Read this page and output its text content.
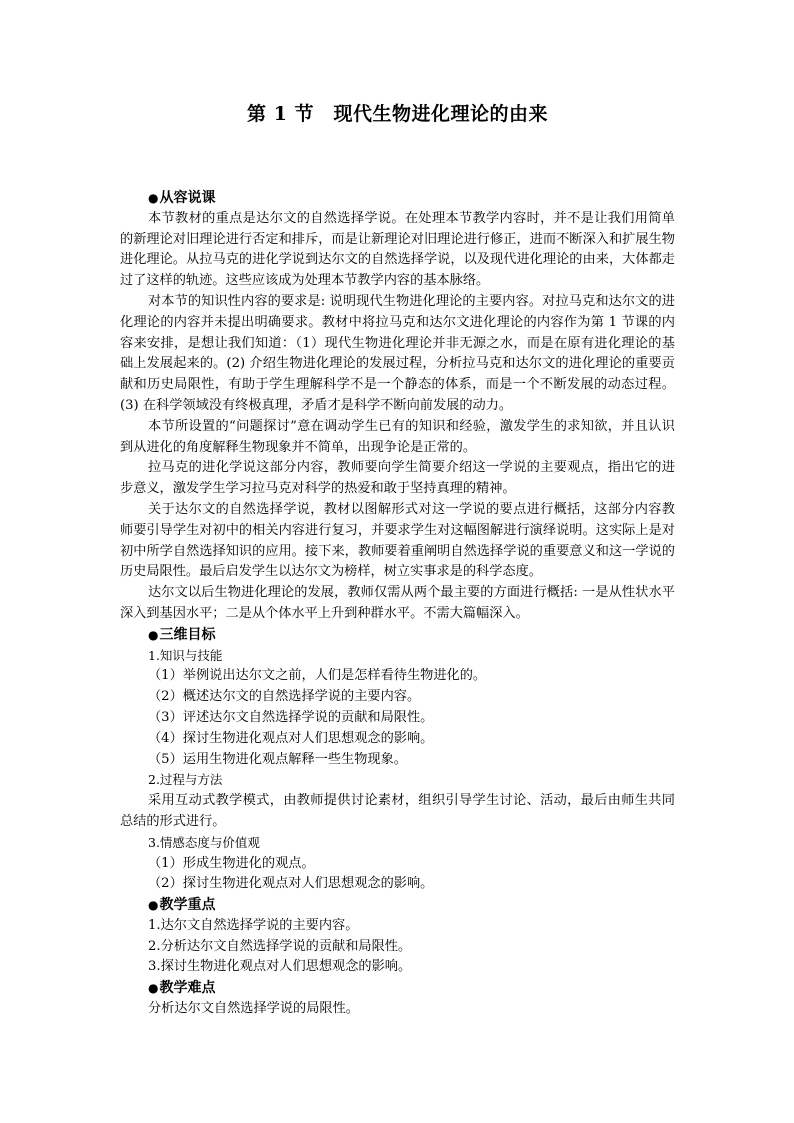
第 1 节　现代生物进化理论的由来

●从容说课

本节教材的重点是达尔文的自然选择学说。在处理本节教学内容时，并不是让我们用简单的新理论对旧理论进行否定和排斥，而是让新理论对旧理论进行修正，进而不断深入和扩展生物进化理论。从拉马克的进化学说到达尔文的自然选择学说，以及现代进化理论的由来，大体都走过了这样的轨迹。这些应该成为处理本节教学内容的基本脉络。

对本节的知识性内容的要求是: 说明现代生物进化理论的主要内容。对拉马克和达尔文的进化理论的内容并未提出明确要求。教材中将拉马克和达尔文进化理论的内容作为第 1 节课的内容来安排，是想让我们知道：（1）现代生物进化理论并非无源之水，而是在原有进化理论的基础上发展起来的。(2) 介绍生物进化理论的发展过程，分析拉马克和达尔文的进化理论的重要贡献和历史局限性，有助于学生理解科学不是一个静态的体系，而是一个不断发展的动态过程。(3) 在科学领域没有终极真理，矛盾才是科学不断向前发展的动力。

本节所设置的“问题探讨”意在调动学生已有的知识和经验，激发学生的求知欲，并且认识到从进化的角度解释生物现象并不简单，出现争论是正常的。

拉马克的进化学说这部分内容，教师要向学生简要介绍这一学说的主要观点，指出它的进步意义，激发学生学习拉马克对科学的热爱和敢于坚持真理的精神。

关于达尔文的自然选择学说，教材以图解形式对这一学说的要点进行概括，这部分内容教师要引导学生对初中的相关内容进行复习，并要求学生对这幅图解进行演绎说明。这实际上是对初中所学自然选择知识的应用。接下来，教师要着重阐明自然选择学说的重要意义和这一学说的历史局限性。最后启发学生以达尔文为榜样，树立实事求是的科学态度。

达尔文以后生物进化理论的发展，教师仅需从两个最主要的方面进行概括: 一是从性状水平深入到基因水平；二是从个体水平上升到种群水平。不需大篇幅深入。

●三维目标

1.知识与技能

（1）举例说出达尔文之前，人们是怎样看待生物进化的。

（2）概述达尔文的自然选择学说的主要内容。

（3）评述达尔文自然选择学说的贡献和局限性。

（4）探讨生物进化观点对人们思想观念的影响。

（5）运用生物进化观点解释一些生物现象。

2.过程与方法

采用互动式教学模式，由教师提供讨论素材，组织引导学生讨论、活动，最后由师生共同总结的形式进行。

3.情感态度与价值观

（1）形成生物进化的观点。

（2）探讨生物进化观点对人们思想观念的影响。

●教学重点

1.达尔文自然选择学说的主要内容。

2.分析达尔文自然选择学说的贡献和局限性。

3.探讨生物进化观点对人们思想观念的影响。

●教学难点

分析达尔文自然选择学说的局限性。
